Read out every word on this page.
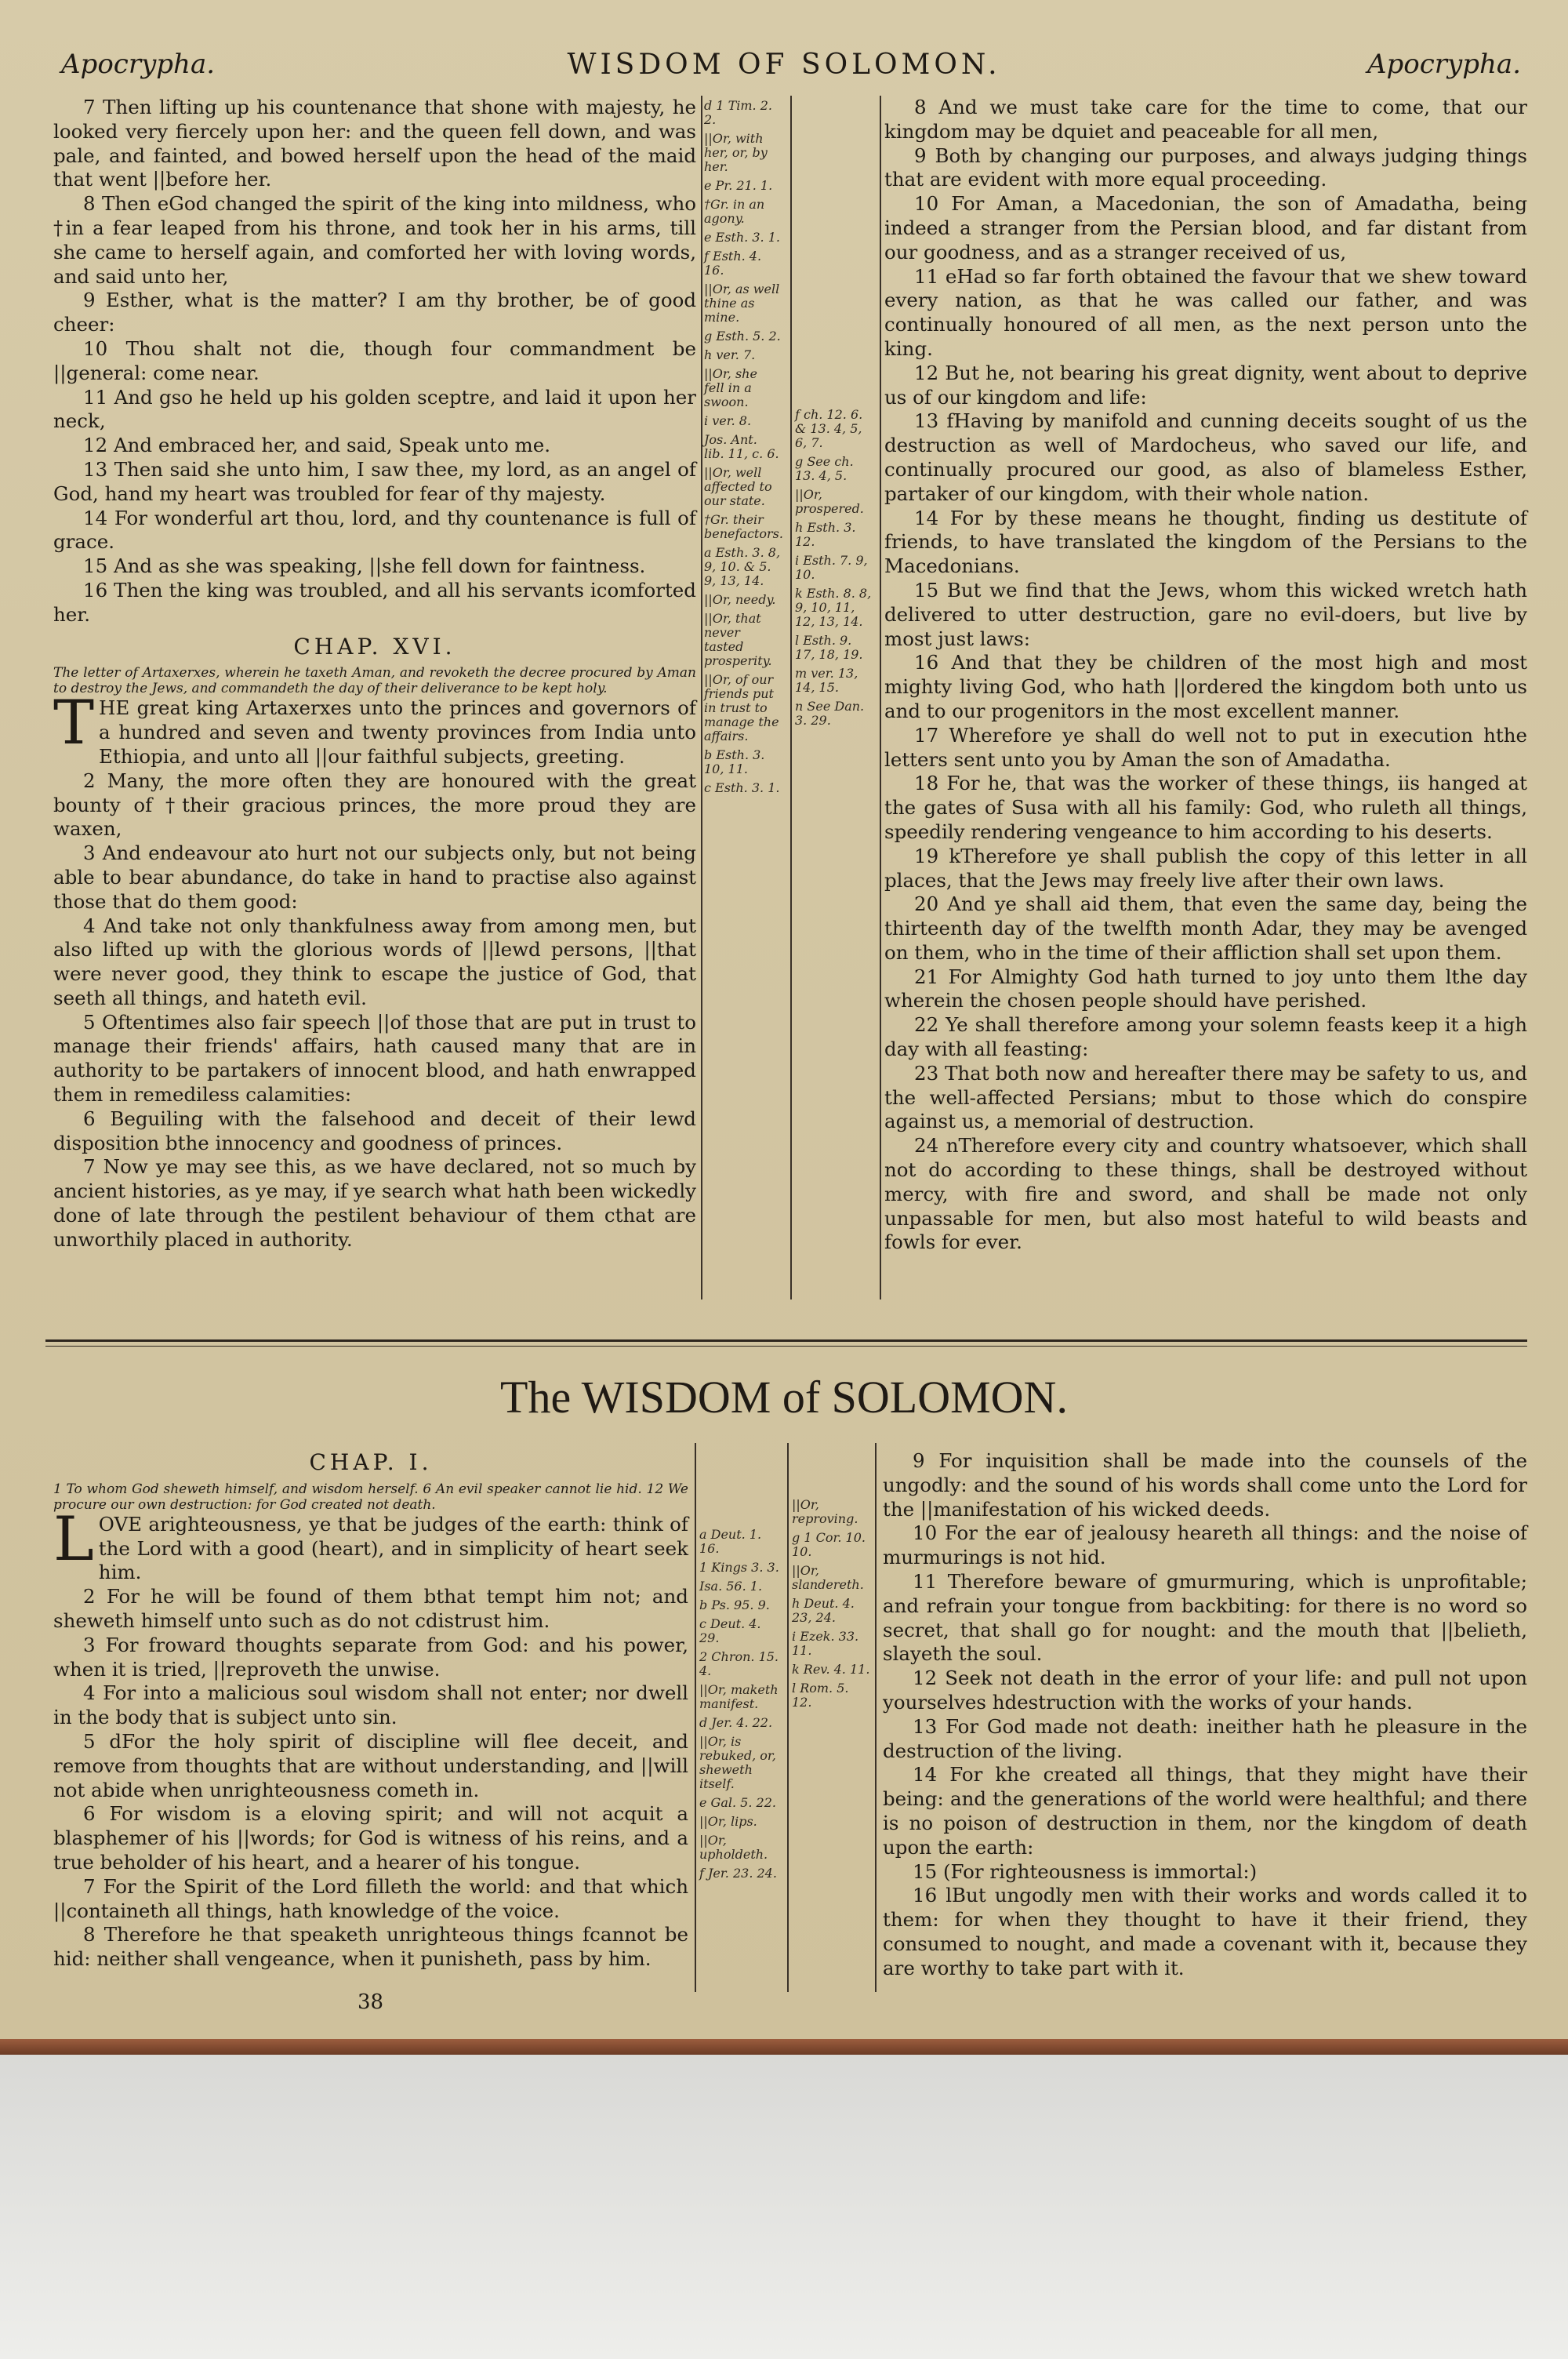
Apocrypha.	WISDOM OF SOLOMON.	Apocrypha.

7 Then lifting up his countenance that shone with majesty, he looked very fiercely upon her: and the queen fell down, and was pale, and fainted, and bowed herself upon the head of the maid that went ||before her.

8 Then eGod changed the spirit of the king into mildness, who †in a fear leaped from his throne, and took her in his arms, till she came to herself again, and comforted her with loving words, and said unto her,

9 Esther, what is the matter? I am thy brother, be of good cheer:

10 Thou shalt not die, though four commandment be ||general: come near.

11 And gso he held up his golden sceptre, and laid it upon her neck,

12 And embraced her, and said, Speak unto me.

13 Then said she unto him, I saw thee, my lord, as an angel of God, hand my heart was troubled for fear of thy majesty.

14 For wonderful art thou, lord, and thy countenance is full of grace.

15 And as she was speaking, ||she fell down for faintness.

16 Then the king was troubled, and all his servants icomforted her.

CHAP. XVI.

The letter of Artaxerxes, wherein he taxeth Aman, and revoketh the decree procured by Aman to destroy the Jews, and commandeth the day of their deliverance to be kept holy.

THE great king Artaxerxes unto the princes and governors of a hundred and seven and twenty provinces from India unto Ethiopia, and unto all ||our faithful subjects, greeting.

2 Many, the more often they are honoured with the great bounty of †their gracious princes, the more proud they are waxen,

3 And endeavour ato hurt not our subjects only, but not being able to bear abundance, do take in hand to practise also against those that do them good:

4 And take not only thankfulness away from among men, but also lifted up with the glorious words of ||lewd persons, ||that were never good, they think to escape the justice of God, that seeth all things, and hateth evil.

5 Oftentimes also fair speech ||of those that are put in trust to manage their friends' affairs, hath caused many that are in authority to be partakers of innocent blood, and hath enwrapped them in remediless calamities:

6 Beguiling with the falsehood and deceit of their lewd disposition bthe innocency and goodness of princes.

7 Now ye may see this, as we have declared, not so much by ancient histories, as ye may, if ye search what hath been wickedly done of late through the pestilent behaviour of them cthat are unworthily placed in authority.

d 1 Tim. 2. 2.
||Or, with her, or, by her.
e Pr. 21. 1.
†Gr. in an agony.
e Esth. 3. 1.
f Esth. 4. 16.
||Or, as well thine as mine.
g Esth. 5. 2.
h ver. 7.
||Or, she fell in a swoon.
i ver. 8.
Jos. Ant. lib. 11, c. 6.
||Or, well affected to our state.
†Gr. their benefactors.
a Esth. 3. 8, 9, 10. & 5. 9, 13, 14.
||Or, needy.
||Or, that never tasted prosperity.
||Or, of our friends put in trust to manage the affairs.
b Esth. 3. 10, 11.
c Esth. 3. 1.
f ch. 12. 6. & 13. 4, 5, 6, 7.
g See ch. 13. 4, 5.
||Or, prospered.
h Esth. 3. 12.
i Esth. 7. 9, 10.
k Esth. 8. 8, 9, 10, 11, 12, 13, 14.
l Esth. 9. 17, 18, 19.
m ver. 13, 14, 15.
n See Dan. 3. 29.

8 And we must take care for the time to come, that our kingdom may be dquiet and peaceable for all men,

9 Both by changing our purposes, and always judging things that are evident with more equal proceeding.

10 For Aman, a Macedonian, the son of Amadatha, being indeed a stranger from the Persian blood, and far distant from our goodness, and as a stranger received of us,

11 eHad so far forth obtained the favour that we shew toward every nation, as that he was called our father, and was continually honoured of all men, as the next person unto the king.

12 But he, not bearing his great dignity, went about to deprive us of our kingdom and life:

13 fHaving by manifold and cunning deceits sought of us the destruction as well of Mardocheus, who saved our life, and continually procured our good, as also of blameless Esther, partaker of our kingdom, with their whole nation.

14 For by these means he thought, finding us destitute of friends, to have translated the kingdom of the Persians to the Macedonians.

15 But we find that the Jews, whom this wicked wretch hath delivered to utter destruction, gare no evil-doers, but live by most just laws:

16 And that they be children of the most high and most mighty living God, who hath ||ordered the kingdom both unto us and to our progenitors in the most excellent manner.

17 Wherefore ye shall do well not to put in execution hthe letters sent unto you by Aman the son of Amadatha.

18 For he, that was the worker of these things, iis hanged at the gates of Susa with all his family: God, who ruleth all things, speedily rendering vengeance to him according to his deserts.

19 kTherefore ye shall publish the copy of this letter in all places, that the Jews may freely live after their own laws.

20 And ye shall aid them, that even the same day, being the thirteenth day of the twelfth month Adar, they may be avenged on them, who in the time of their affliction shall set upon them.

21 For Almighty God hath turned to joy unto them lthe day wherein the chosen people should have perished.

22 Ye shall therefore among your solemn feasts keep it a high day with all feasting:

23 That both now and hereafter there may be safety to us, and the well-affected Persians; mbut to those which do conspire against us, a memorial of destruction.

24 nTherefore every city and country whatsoever, which shall not do according to these things, shall be destroyed without mercy, with fire and sword, and shall be made not only unpassable for men, but also most hateful to wild beasts and fowls for ever.

The WISDOM of SOLOMON.
CHAP. I.

1 To whom God sheweth himself, and wisdom herself. 6 An evil speaker cannot lie hid. 12 We procure our own destruction: for God created not death.

LOVE arighteousness, ye that be judges of the earth: think of the Lord with a good (heart), and in simplicity of heart seek him.

2 For he will be found of them bthat tempt him not; and sheweth himself unto such as do not cdistrust him.

3 For froward thoughts separate from God: and his power, when it is tried, ||reproveth the unwise.

4 For into a malicious soul wisdom shall not enter; nor dwell in the body that is subject unto sin.

5 dFor the holy spirit of discipline will flee deceit, and remove from thoughts that are without understanding, and ||will not abide when unrighteousness cometh in.

6 For wisdom is a eloving spirit; and will not acquit a blasphemer of his ||words; for God is witness of his reins, and a true beholder of his heart, and a hearer of his tongue.

7 For the Spirit of the Lord filleth the world: and that which ||containeth all things, hath knowledge of the voice.

8 Therefore he that speaketh unrighteous things fcannot be hid: neither shall vengeance, when it punisheth, pass by him.

a Deut. 1. 16.
1 Kings 3. 3.
Isa. 56. 1.
b Ps. 95. 9.
c Deut. 4. 29.
2 Chron. 15. 4.
||Or, maketh manifest.
d Jer. 4. 22.
||Or, is rebuked, or, sheweth itself.
e Gal. 5. 22.
||Or, lips.
||Or, upholdeth.
f Jer. 23. 24.
||Or, reproving.
g 1 Cor. 10. 10.
||Or, slandereth.
h Deut. 4. 23, 24.
i Ezek. 33. 11.
k Rev. 4. 11.
l Rom. 5. 12.

9 For inquisition shall be made into the counsels of the ungodly: and the sound of his words shall come unto the Lord for the ||manifestation of his wicked deeds.

10 For the ear of jealousy heareth all things: and the noise of murmurings is not hid.

11 Therefore beware of gmurmuring, which is unprofitable; and refrain your tongue from backbiting: for there is no word so secret, that shall go for nought: and the mouth that ||belieth, slayeth the soul.

12 Seek not death in the error of your life: and pull not upon yourselves hdestruction with the works of your hands.

13 For God made not death: ineither hath he pleasure in the destruction of the living.

14 For khe created all things, that they might have their being: and the generations of the world were healthful; and there is no poison of destruction in them, nor the kingdom of death upon the earth:

15 (For righteousness is immortal:)

16 lBut ungodly men with their works and words called it to them: for when they thought to have it their friend, they consumed to nought, and made a covenant with it, because they are worthy to take part with it.

38
